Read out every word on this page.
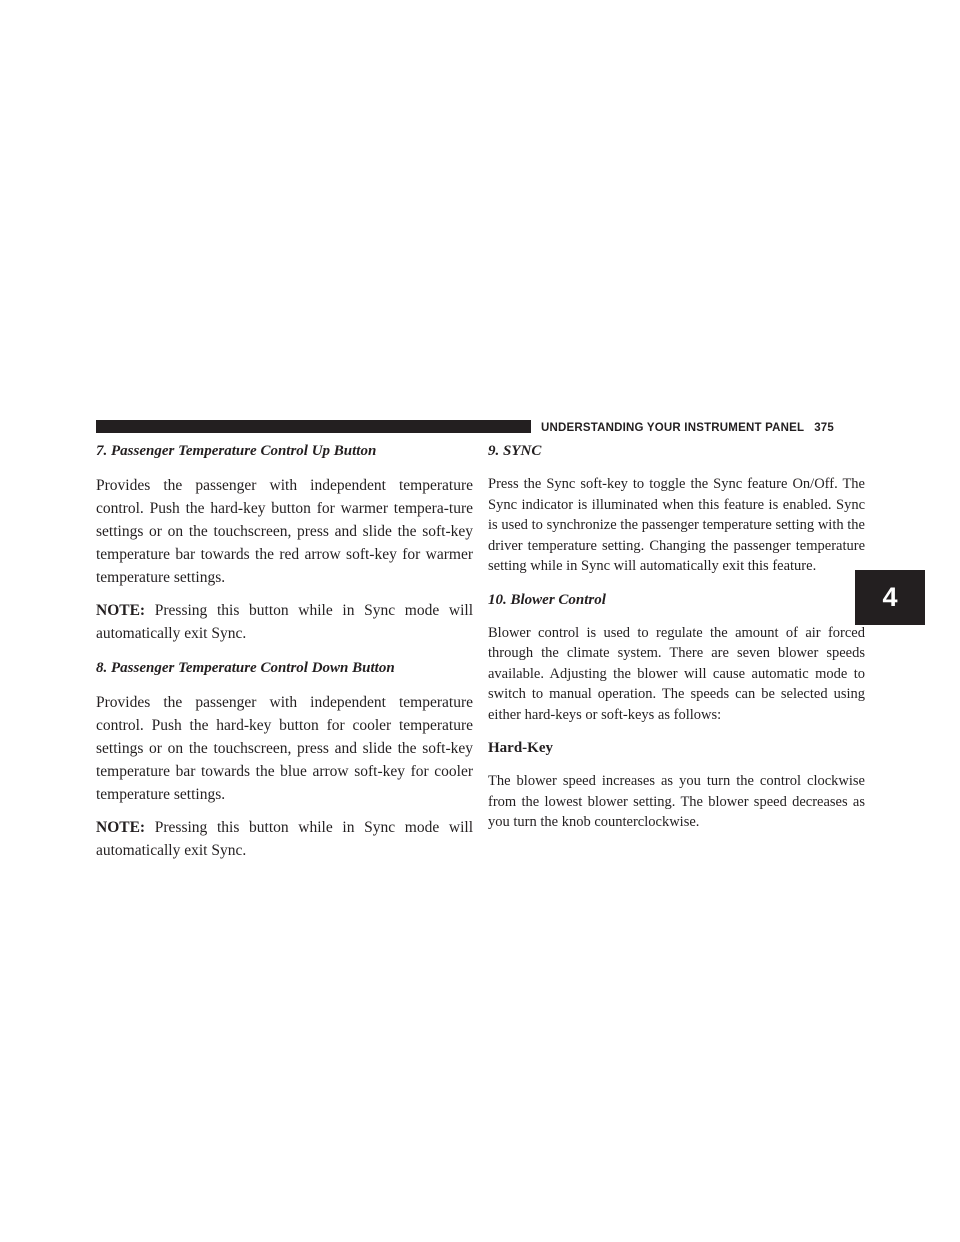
UNDERSTANDING YOUR INSTRUMENT PANEL 375
4
7. Passenger Temperature Control Up Button

Provides the passenger with independent temperature control. Push the hard-key button for warmer tempera-ture settings or on the touchscreen, press and slide the soft-key temperature bar towards the red arrow soft-key for warmer temperature settings.

NOTE: Pressing this button while in Sync mode will automatically exit Sync.

8. Passenger Temperature Control Down Button

Provides the passenger with independent temperature control. Push the hard-key button for cooler temperature settings or on the touchscreen, press and slide the soft-key temperature bar towards the blue arrow soft-key for cooler temperature settings.

NOTE: Pressing this button while in Sync mode will automatically exit Sync.

9. SYNC

Press the Sync soft-key to toggle the Sync feature On/Off. The Sync indicator is illuminated when this feature is enabled. Sync is used to synchronize the passenger temperature setting with the driver temperature setting. Changing the passenger temperature setting while in Sync will automatically exit this feature.

10. Blower Control

Blower control is used to regulate the amount of air forced through the climate system. There are seven blower speeds available. Adjusting the blower will cause automatic mode to switch to manual operation. The speeds can be selected using either hard-keys or soft-keys as follows:

Hard-Key

The blower speed increases as you turn the control clockwise from the lowest blower setting. The blower speed decreases as you turn the knob counterclockwise.
